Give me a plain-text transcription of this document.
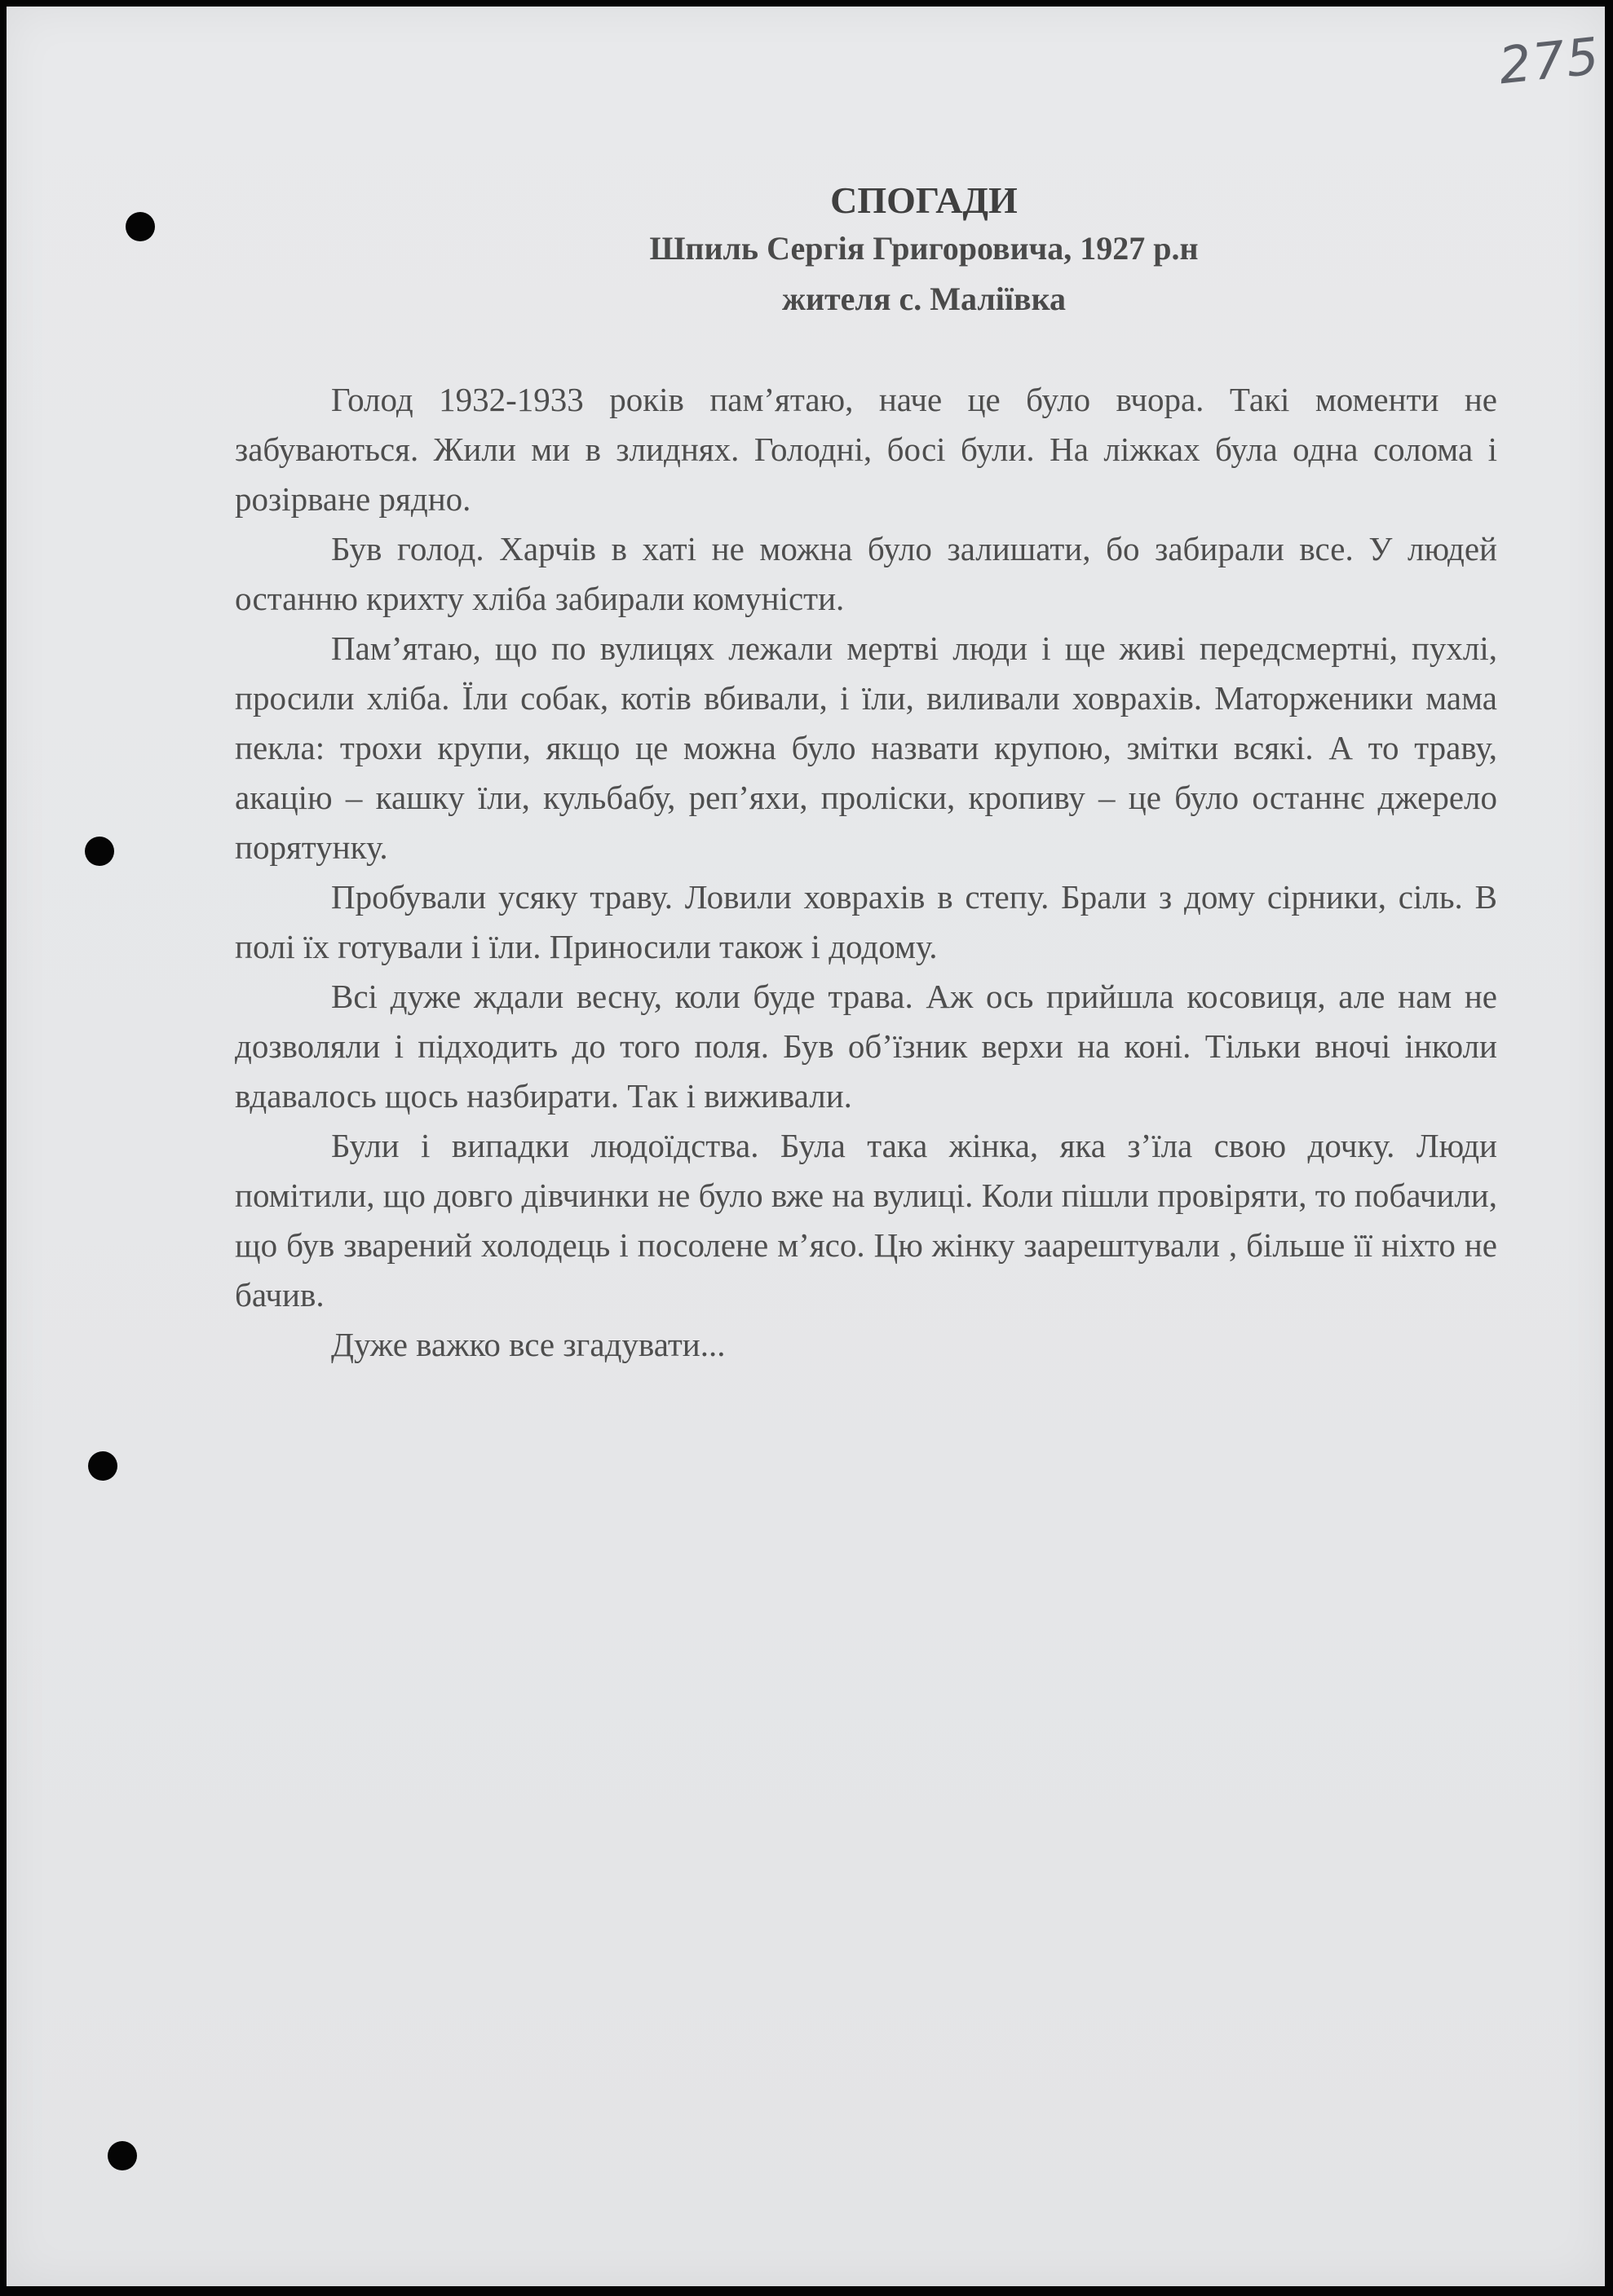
275
СПОГАДИ
Шпиль Сергія Григоровича, 1927 р.н
жителя с. Маліївка

Голод 1932-1933 років пам’ятаю, наче це було вчора. Такі моменти не забуваються. Жили ми в злиднях. Голодні, босі були. На ліжках була одна солома і розірване рядно.

Був голод. Харчів в хаті не можна було залишати, бо забирали все. У людей останню крихту хліба забирали комуністи.

Пам’ятаю, що по вулицях лежали мертві люди і ще живі передсмертні, пухлі, просили хліба. Їли собак, котів вбивали, і їли, виливали ховрахів. Маторженики мама пекла: трохи крупи, якщо це можна було назвати крупою, змітки всякі. А то траву, акацію – кашку їли, кульбабу, реп’яхи, проліски, кропиву – це було останнє джерело порятунку.

Пробували усяку траву. Ловили ховрахів в степу. Брали з дому сірники, сіль. В полі їх готували і їли. Приносили також і додому.

Всі дуже ждали весну, коли буде трава. Аж ось прийшла косовиця, але нам не дозволяли і підходить до того поля. Був об’їзник верхи на коні. Тільки вночі інколи вдавалось щось назбирати. Так і виживали.

Були і випадки людоїдства. Була така жінка, яка з’їла свою дочку. Люди помітили, що довго дівчинки не було вже на вулиці. Коли пішли провіряти, то побачили, що був зварений холодець і посолене м’ясо. Цю жінку заарештували , більше її ніхто не бачив.

Дуже важко все згадувати...
